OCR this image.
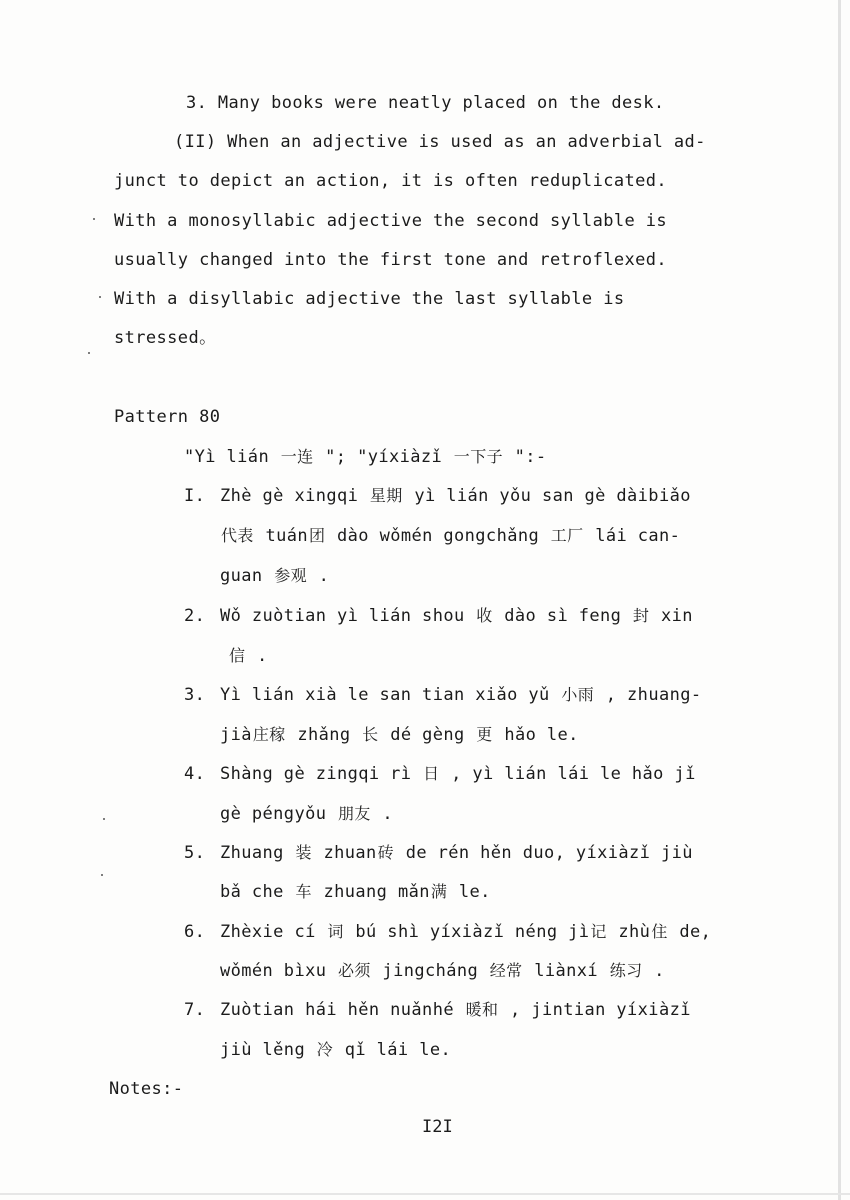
3. Many books were neatly placed on the desk.
(II) When an adjective is used as an adverbial ad-
junct to depict an action, it is often reduplicated.
With a monosyllabic adjective the second syllable is
usually changed into the first tone and retroflexed.
With a disyllabic adjective the last syllable is
stressed。
Pattern 80
"Yì lián 一连 "; "yíxiàzǐ 一下子 ":-
I. Zhè gè xingqi 星期 yì lián yǒu san gè dàibiǎo
代表 tuán团 dào wǒmén gongchǎng 工厂 lái can-
guan 参观 .
2. Wǒ zuòtian yì lián shou 收 dào sì feng 封 xin
信 .
3. Yì lián xià le san tian xiǎo yǔ 小雨 , zhuang-
jià庄稼 zhǎng 长 dé gèng 更 hǎo le.
4. Shàng gè zingqi rì 日 , yì lián lái le hǎo jǐ
gè péngyǒu 朋友 .
5. Zhuang 装 zhuan砖 de rén hěn duo, yíxiàzǐ jiù
bǎ che 车 zhuang mǎn满 le.
6. Zhèxie cí 词 bú shì yíxiàzǐ néng jì记 zhù住 de,
wǒmén bìxu 必须 jingcháng 经常 liànxí 练习 .
7. Zuòtian hái hěn nuǎnhé 暖和 , jintian yíxiàzǐ
jiù lěng 冷 qǐ lái le.
Notes:-
I2I
